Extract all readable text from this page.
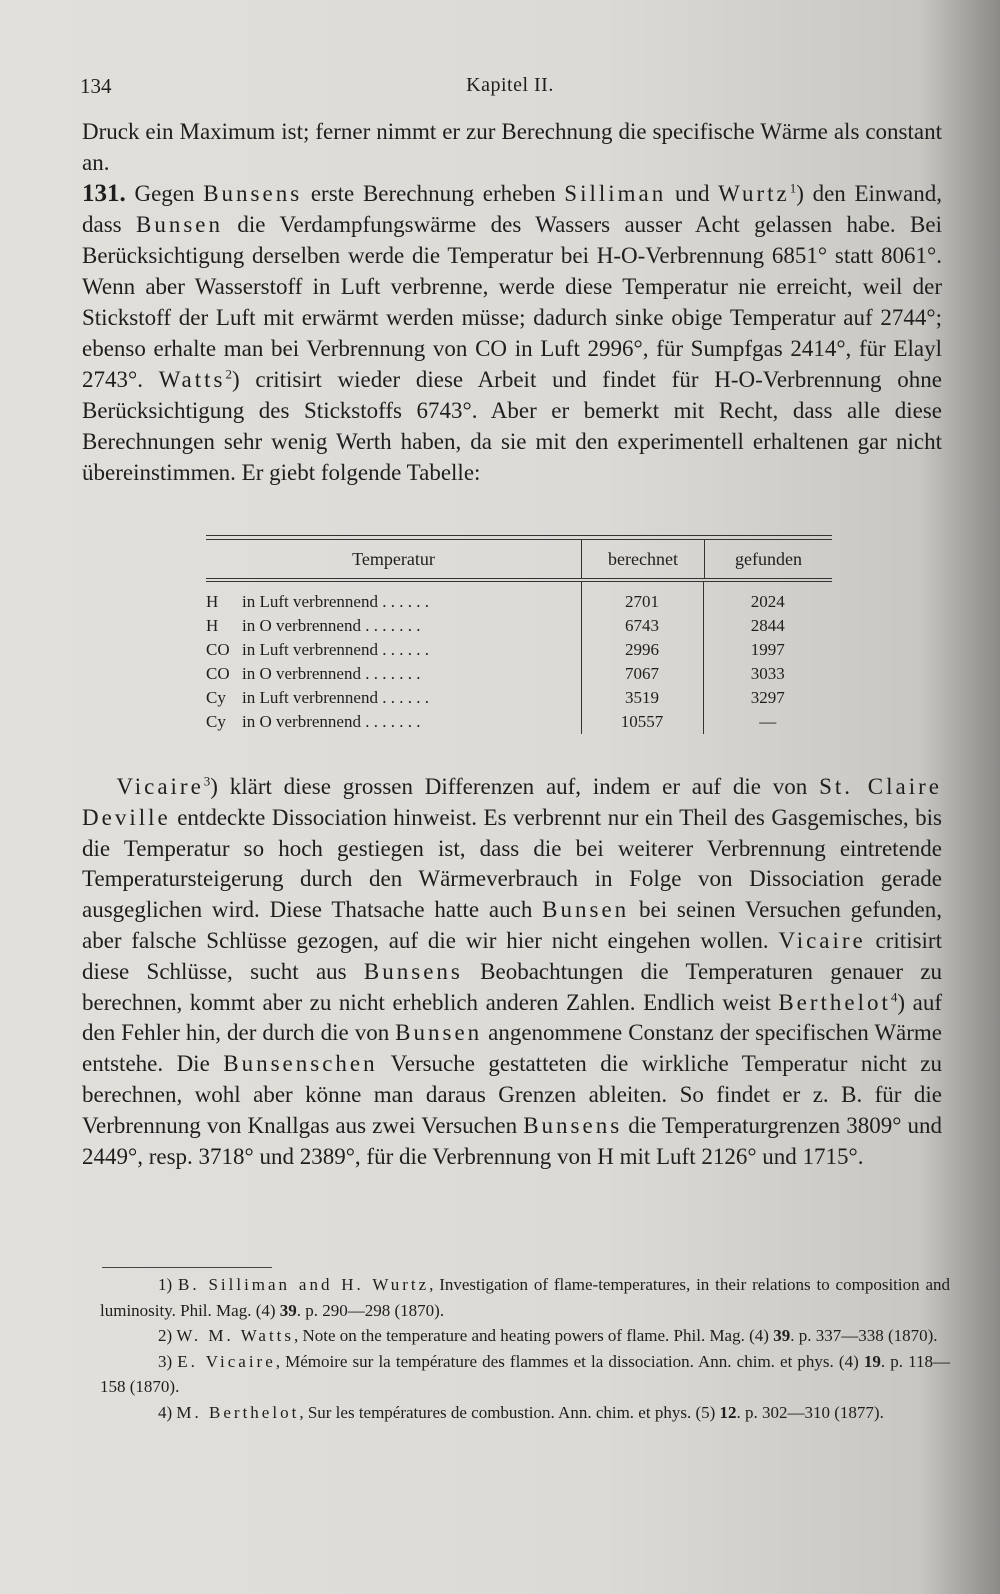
134	Kapitel II.

Druck ein Maximum ist; ferner nimmt er zur Berechnung die specifische Wärme als constant an.

131. Gegen Bunsens erste Berechnung erheben Silliman und Wurtz$^1$) den Einwand, dass Bunsen die Verdampfungswärme des Wassers ausser Acht gelassen habe. Bei Berücksichtigung derselben werde die Temperatur bei H-O-Verbrennung 6851° statt 8061°. Wenn aber Wasserstoff in Luft verbrenne, werde diese Temperatur nie erreicht, weil der Stickstoff der Luft mit erwärmt werden müsse; dadurch sinke obige Temperatur auf 2744°; ebenso erhalte man bei Verbrennung von CO in Luft 2996°, für Sumpfgas 2414°, für Elayl 2743°. Watts$^2$) critisirt wieder diese Arbeit und findet für H-O-Verbrennung ohne Berücksichtigung des Stickstoffs 6743°. Aber er bemerkt mit Recht, dass alle diese Berechnungen sehr wenig Werth haben, da sie mit den experimentell erhaltenen gar nicht übereinstimmen. Er giebt folgende Tabelle:

Temperatur	berechnet	gefunden
H in Luft verbrennend . . . . . .	2701	2024
H in O verbrennend . . . . . . .	6743	2844
CO in Luft verbrennend . . . . . .	2996	1997
CO in O verbrennend . . . . . . .	7067	3033
Cy in Luft verbrennend . . . . . .	3519	3297
Cy in O verbrennend . . . . . . .	10557	—

  Vicaire$^3$) klärt diese grossen Differenzen auf, indem er auf die von St. Claire Deville entdeckte Dissociation hinweist. Es verbrennt nur ein Theil des Gasgemisches, bis die Temperatur so hoch gestiegen ist, dass die bei weiterer Verbrennung eintretende Temperatursteigerung durch den Wärmeverbrauch in Folge von Dissociation gerade ausgeglichen wird. Diese Thatsache hatte auch Bunsen bei seinen Versuchen gefunden, aber falsche Schlüsse gezogen, auf die wir hier nicht eingehen wollen. Vicaire critisirt diese Schlüsse, sucht aus Bunsens Beobachtungen die Temperaturen genauer zu berechnen, kommt aber zu nicht erheblich anderen Zahlen. Endlich weist Berthelot$^4$) auf den Fehler hin, der durch die von Bunsen angenommene Constanz der specifischen Wärme entstehe. Die Bunsenschen Versuche gestatteten die wirkliche Temperatur nicht zu berechnen, wohl aber könne man daraus Grenzen ableiten. So findet er z. B. für die Verbrennung von Knallgas aus zwei Versuchen Bunsens die Temperaturgrenzen 3809° und 2449°, resp. 3718° und 2389°, für die Verbrennung von H mit Luft 2126° und 1715°.

1) B. Silliman and H. Wurtz, Investigation of flame-temperatures, in their relations to composition and luminosity. Phil. Mag. (4) 39. p. 290—298 (1870).

2) W. M. Watts, Note on the temperature and heating powers of flame. Phil. Mag. (4) 39. p. 337—338 (1870).

3) E. Vicaire, Mémoire sur la température des flammes et la dissociation. Ann. chim. et phys. (4) 19. p. 118—158 (1870).

4) M. Berthelot, Sur les températures de combustion. Ann. chim. et phys. (5) 12. p. 302—310 (1877).
